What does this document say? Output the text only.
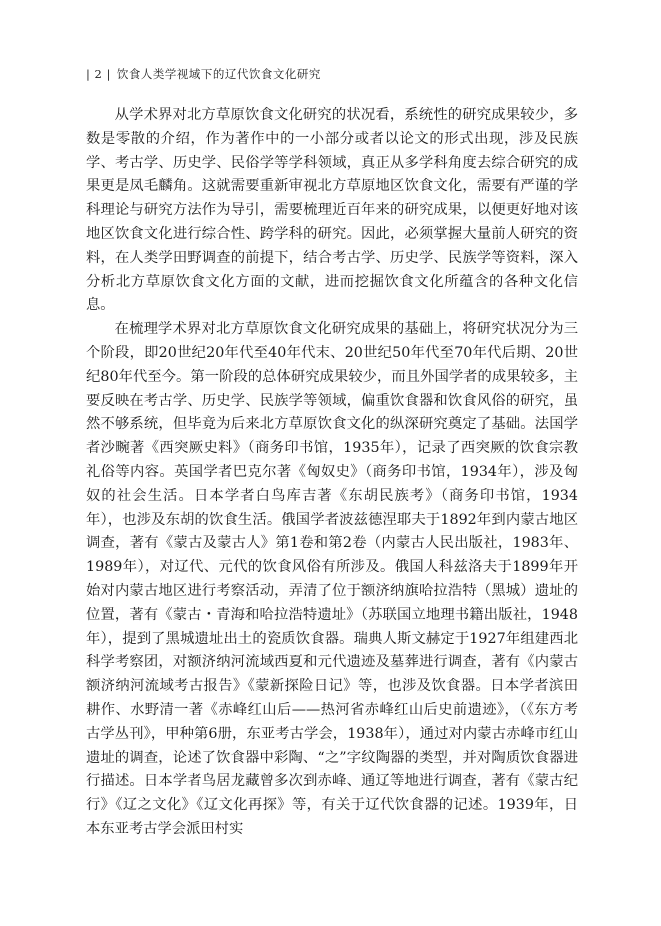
| 2 | 饮食人类学视域下的辽代饮食文化研究

从学术界对北方草原饮食文化研究的状况看，系统性的研究成果较少，多数是零散的介绍，作为著作中的一小部分或者以论文的形式出现，涉及民族学、考古学、历史学、民俗学等学科领域，真正从多学科角度去综合研究的成果更是凤毛麟角。这就需要重新审视北方草原地区饮食文化，需要有严谨的学科理论与研究方法作为导引，需要梳理近百年来的研究成果，以便更好地对该地区饮食文化进行综合性、跨学科的研究。因此，必须掌握大量前人研究的资料，在人类学田野调查的前提下，结合考古学、历史学、民族学等资料，深入分析北方草原饮食文化方面的文献，进而挖掘饮食文化所蕴含的各种文化信息。

在梳理学术界对北方草原饮食文化研究成果的基础上，将研究状况分为三个阶段，即20世纪20年代至40年代末、20世纪50年代至70年代后期、20世纪80年代至今。第一阶段的总体研究成果较少，而且外国学者的成果较多，主要反映在考古学、历史学、民族学等领域，偏重饮食器和饮食风俗的研究，虽然不够系统，但毕竟为后来北方草原饮食文化的纵深研究奠定了基础。法国学者沙畹著《西突厥史料》（商务印书馆，1935年），记录了西突厥的饮食宗教礼俗等内容。英国学者巴克尔著《匈奴史》（商务印书馆，1934年），涉及匈奴的社会生活。日本学者白鸟库吉著《东胡民族考》（商务印书馆，1934年），也涉及东胡的饮食生活。俄国学者波兹德涅耶夫于1892年到内蒙古地区调查，著有《蒙古及蒙古人》第1卷和第2卷（内蒙古人民出版社，1983年、1989年），对辽代、元代的饮食风俗有所涉及。俄国人科兹洛夫于1899年开始对内蒙古地区进行考察活动，弄清了位于额济纳旗哈拉浩特（黑城）遗址的位置，著有《蒙古・青海和哈拉浩特遗址》（苏联国立地理书籍出版社，1948年），提到了黑城遗址出土的瓷质饮食器。瑞典人斯文赫定于1927年组建西北科学考察团，对额济纳河流域西夏和元代遗迹及墓葬进行调查，著有《内蒙古额济纳河流域考古报告》《蒙新探险日记》等，也涉及饮食器。日本学者滨田耕作、水野清一著《赤峰红山后——热河省赤峰红山后史前遗迹》，（《东方考古学丛刊》，甲种第6册，东亚考古学会，1938年），通过对内蒙古赤峰市红山遗址的调查，论述了饮食器中彩陶、“之”字纹陶器的类型，并对陶质饮食器进行描述。日本学者鸟居龙藏曾多次到赤峰、通辽等地进行调查，著有《蒙古纪行》《辽之文化》《辽文化再探》等，有关于辽代饮食器的记述。1939年，日本东亚考古学会派田村实
